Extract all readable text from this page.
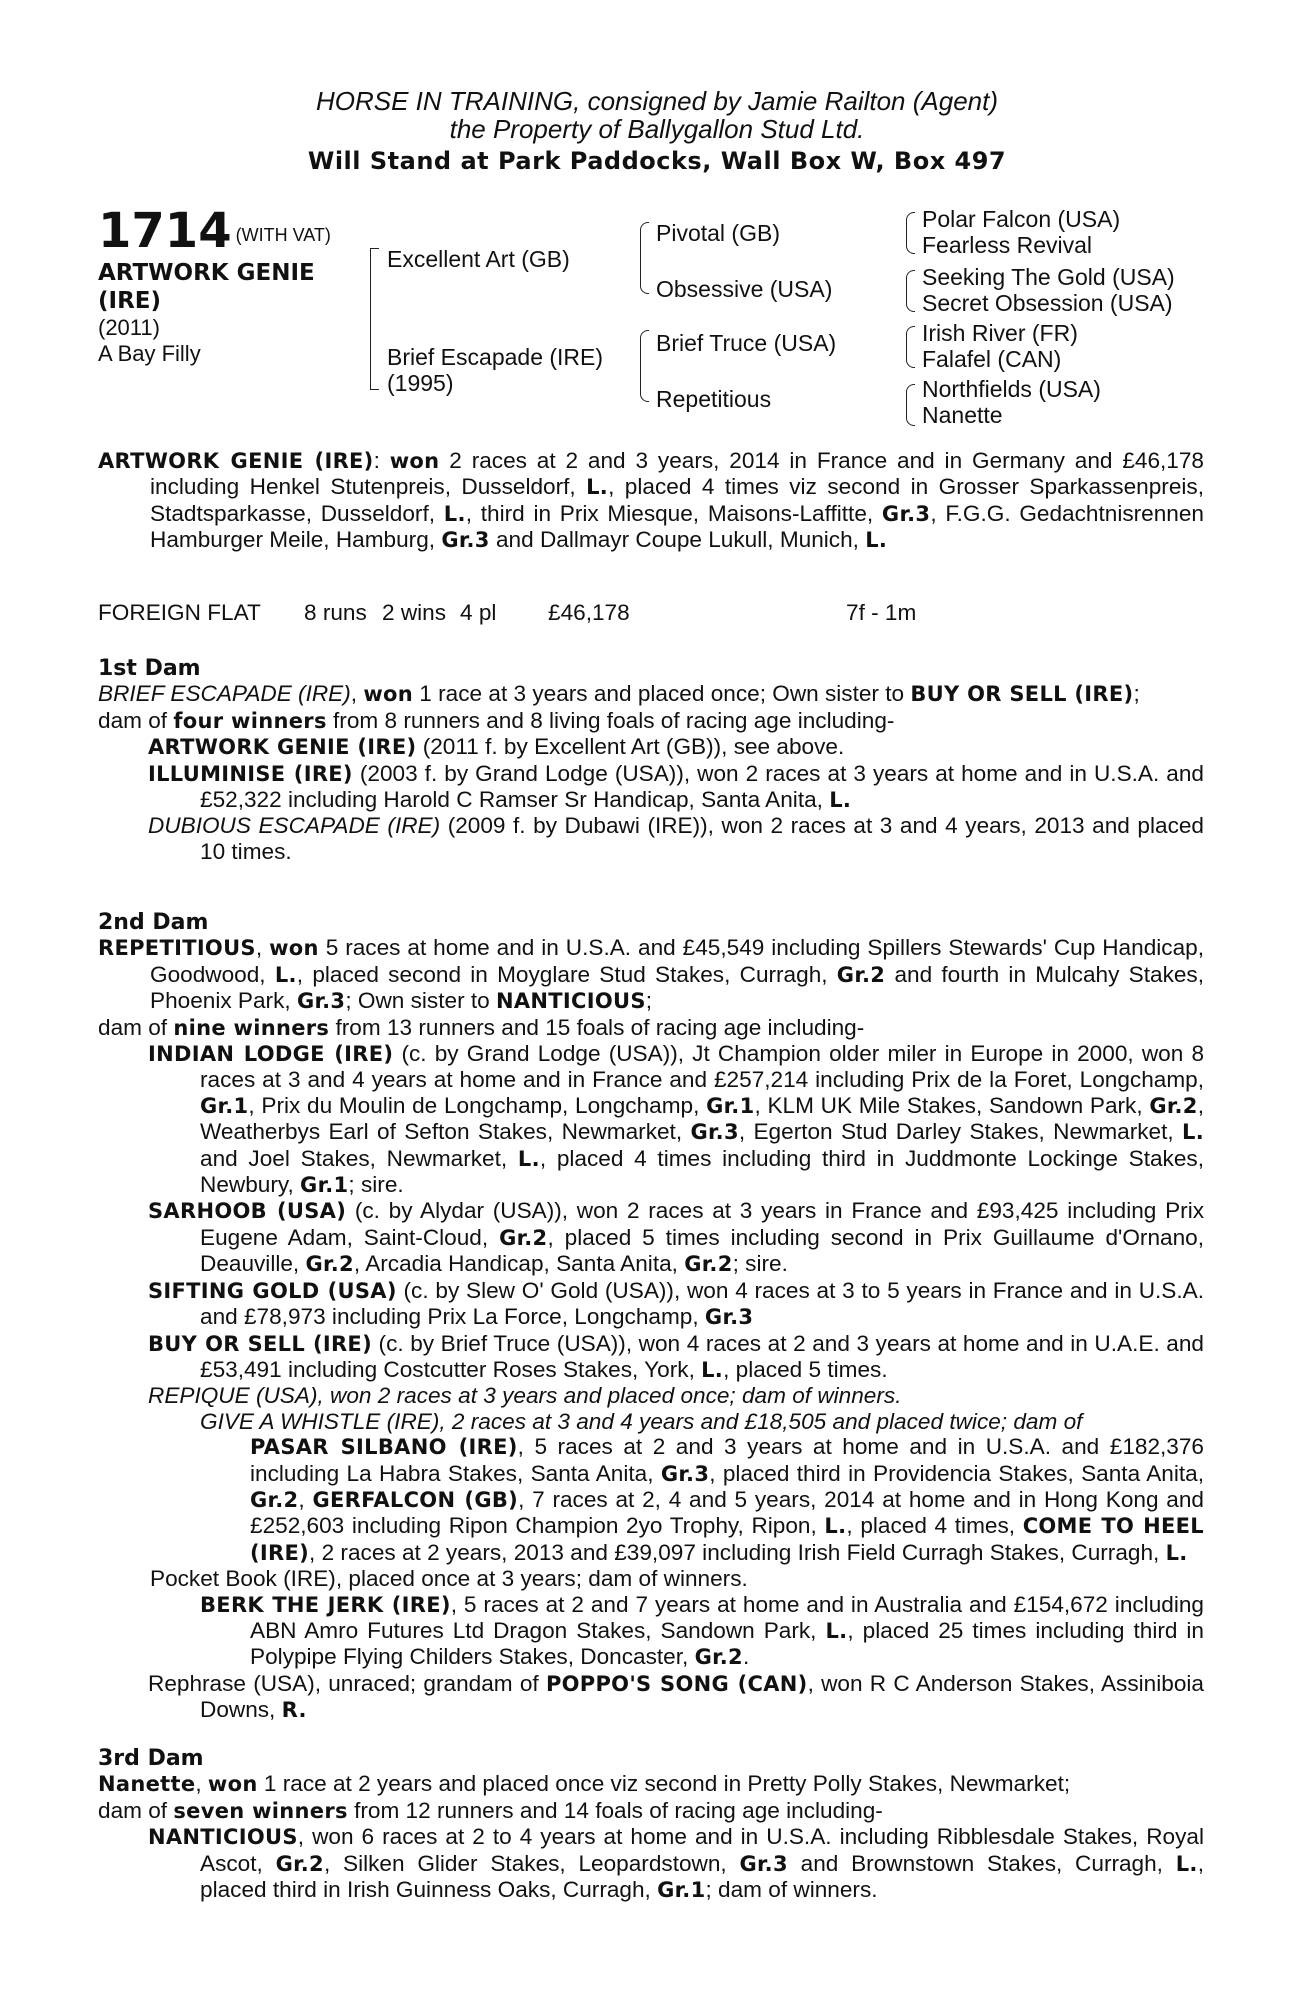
HORSE IN TRAINING, consigned by Jamie Railton (Agent)
the Property of Ballygallon Stud Ltd.
Will Stand at Park Paddocks, Wall Box W, Box 497
1714 (WITH VAT)
ARTWORK GENIE (IRE)
(2011)
A Bay Filly
Excellent Art (GB)
Brief Escapade (IRE)
(1995)
Pivotal (GB)
Obsessive (USA)
Brief Truce (USA)
Repetitious
Polar Falcon (USA)
Fearless Revival
Seeking The Gold (USA)
Secret Obsession (USA)
Irish River (FR)
Falafel (CAN)
Northfields (USA)
Nanette

ARTWORK GENIE (IRE): won 2 races at 2 and 3 years, 2014 in France and in Germany and £46,178 including Henkel Stutenpreis, Dusseldorf, L., placed 4 times viz second in Grosser Sparkassenpreis, Stadtsparkasse, Dusseldorf, L., third in Prix Miesque, Maisons-Laffitte, Gr.3, F.G.G. Gedachtnisrennen Hamburger Meile, Hamburg, Gr.3 and Dallmayr Coupe Lukull, Munich, L.

FOREIGN FLAT 8 runs 2 wins 4 pl £46,178	7f - 1m

1st Dam

BRIEF ESCAPADE (IRE), won 1 race at 3 years and placed once; Own sister to BUY OR SELL (IRE);

dam of four winners from 8 runners and 8 living foals of racing age including-

ARTWORK GENIE (IRE) (2011 f. by Excellent Art (GB)), see above.

ILLUMINISE (IRE) (2003 f. by Grand Lodge (USA)), won 2 races at 3 years at home and in U.S.A. and £52,322 including Harold C Ramser Sr Handicap, Santa Anita, L.

DUBIOUS ESCAPADE (IRE) (2009 f. by Dubawi (IRE)), won 2 races at 3 and 4 years, 2013 and placed 10 times.

2nd Dam

REPETITIOUS, won 5 races at home and in U.S.A. and £45,549 including Spillers Stewards' Cup Handicap, Goodwood, L., placed second in Moyglare Stud Stakes, Curragh, Gr.2 and fourth in Mulcahy Stakes, Phoenix Park, Gr.3; Own sister to NANTICIOUS;

dam of nine winners from 13 runners and 15 foals of racing age including-

INDIAN LODGE (IRE) (c. by Grand Lodge (USA)), Jt Champion older miler in Europe in 2000, won 8 races at 3 and 4 years at home and in France and £257,214 including Prix de la Foret, Longchamp, Gr.1, Prix du Moulin de Longchamp, Longchamp, Gr.1, KLM UK Mile Stakes, Sandown Park, Gr.2, Weatherbys Earl of Sefton Stakes, Newmarket, Gr.3, Egerton Stud Darley Stakes, Newmarket, L. and Joel Stakes, Newmarket, L., placed 4 times including third in Juddmonte Lockinge Stakes, Newbury, Gr.1; sire.

SARHOOB (USA) (c. by Alydar (USA)), won 2 races at 3 years in France and £93,425 including Prix Eugene Adam, Saint-Cloud, Gr.2, placed 5 times including second in Prix Guillaume d'Ornano, Deauville, Gr.2, Arcadia Handicap, Santa Anita, Gr.2; sire.

SIFTING GOLD (USA) (c. by Slew O' Gold (USA)), won 4 races at 3 to 5 years in France and in U.S.A. and £78,973 including Prix La Force, Longchamp, Gr.3

BUY OR SELL (IRE) (c. by Brief Truce (USA)), won 4 races at 2 and 3 years at home and in U.A.E. and £53,491 including Costcutter Roses Stakes, York, L., placed 5 times.

REPIQUE (USA), won 2 races at 3 years and placed once; dam of winners.

GIVE A WHISTLE (IRE), 2 races at 3 and 4 years and £18,505 and placed twice; dam of

PASAR SILBANO (IRE), 5 races at 2 and 3 years at home and in U.S.A. and £182,376 including La Habra Stakes, Santa Anita, Gr.3, placed third in Providencia Stakes, Santa Anita, Gr.2, GERFALCON (GB), 7 races at 2, 4 and 5 years, 2014 at home and in Hong Kong and £252,603 including Ripon Champion 2yo Trophy, Ripon, L., placed 4 times, COME TO HEEL (IRE), 2 races at 2 years, 2013 and £39,097 including Irish Field Curragh Stakes, Curragh, L.

Pocket Book (IRE), placed once at 3 years; dam of winners.

BERK THE JERK (IRE), 5 races at 2 and 7 years at home and in Australia and £154,672 including ABN Amro Futures Ltd Dragon Stakes, Sandown Park, L., placed 25 times including third in Polypipe Flying Childers Stakes, Doncaster, Gr.2.

Rephrase (USA), unraced; grandam of POPPO'S SONG (CAN), won R C Anderson Stakes, Assiniboia Downs, R.

3rd Dam

Nanette, won 1 race at 2 years and placed once viz second in Pretty Polly Stakes, Newmarket;

dam of seven winners from 12 runners and 14 foals of racing age including-

NANTICIOUS, won 6 races at 2 to 4 years at home and in U.S.A. including Ribblesdale Stakes, Royal Ascot, Gr.2, Silken Glider Stakes, Leopardstown, Gr.3 and Brownstown Stakes, Curragh, L., placed third in Irish Guinness Oaks, Curragh, Gr.1; dam of winners.
